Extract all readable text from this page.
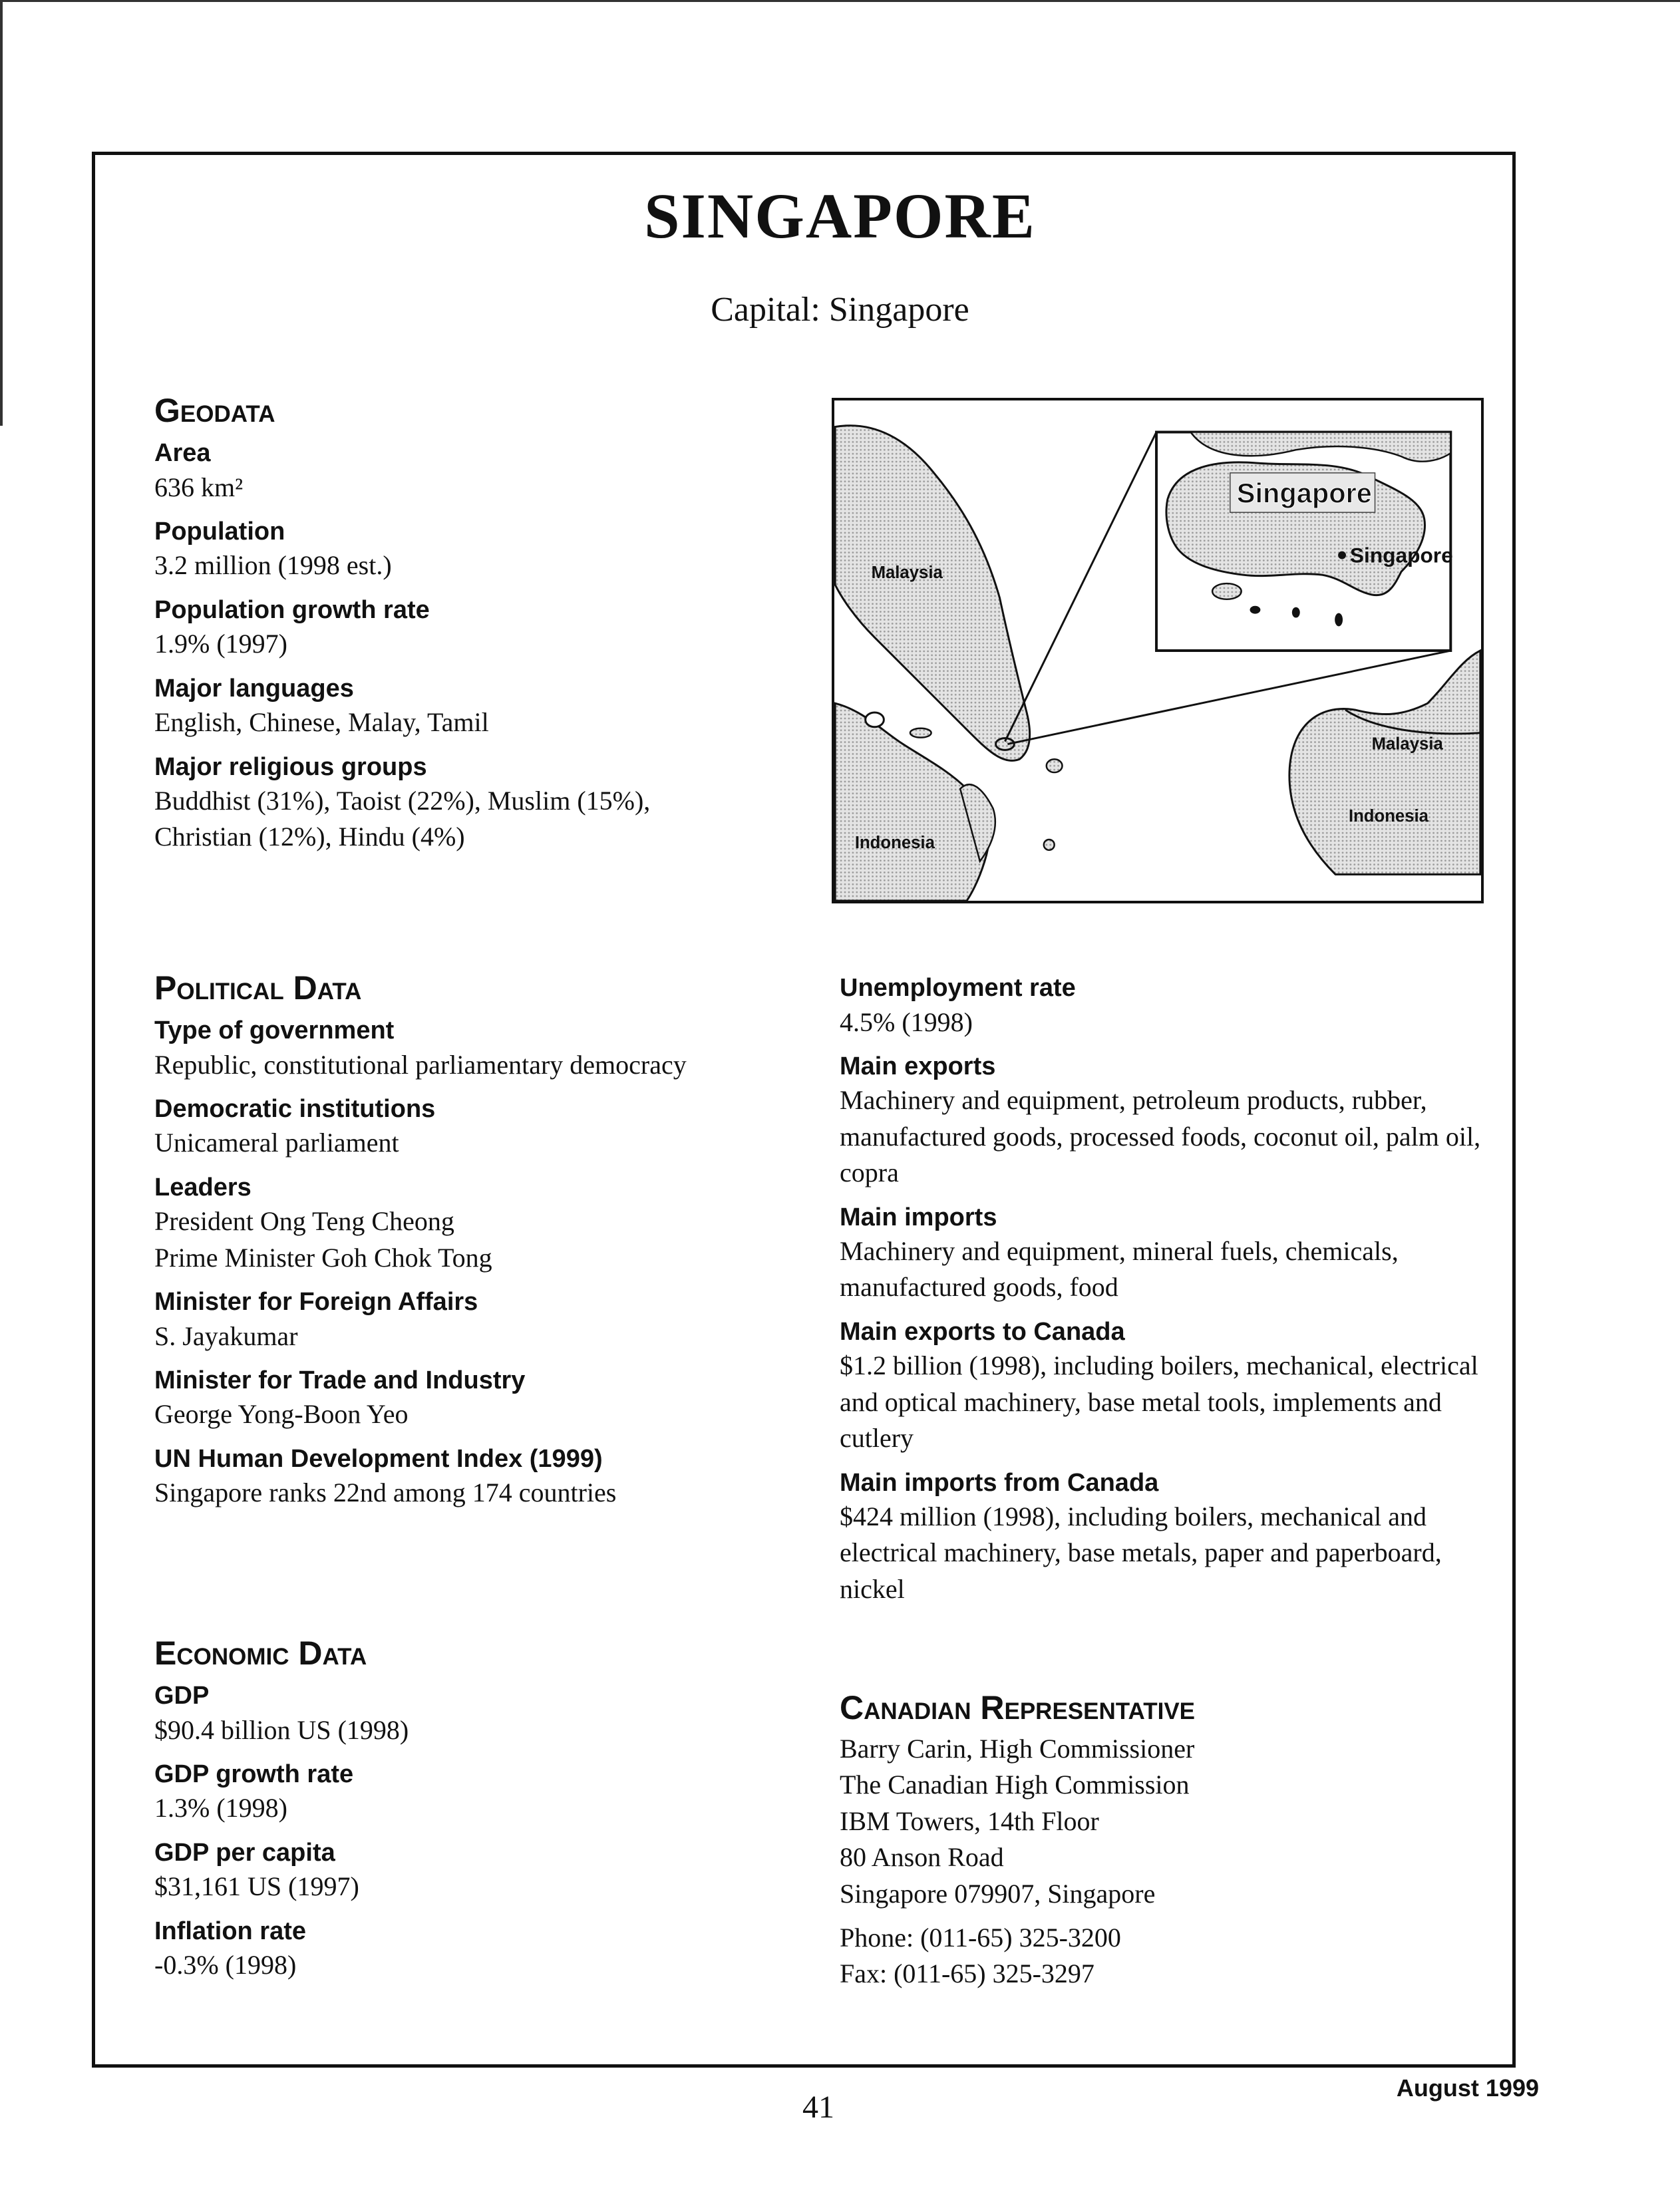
SINGAPORE
Capital: Singapore
Geodata
Area
636 km²
Population
3.2 million (1998 est.)
Population growth rate
1.9% (1997)
Major languages
English, Chinese, Malay, Tamil
Major religious groups
Buddhist (31%), Taoist (22%), Muslim (15%), Christian (12%), Hindu (4%)
Singapore
Singapore
Malaysia
Indonesia
Malaysia
Indonesia
Political Data
Type of government
Republic, constitutional parliamentary democracy
Democratic institutions
Unicameral parliament
Leaders
President Ong Teng Cheong
Prime Minister Goh Chok Tong
Minister for Foreign Affairs
S. Jayakumar
Minister for Trade and Industry
George Yong-Boon Yeo
UN Human Development Index (1999)
Singapore ranks 22nd among 174 countries
Economic Data
GDP
$90.4 billion US (1998)
GDP growth rate
1.3% (1998)
GDP per capita
$31,161 US (1997)
Inflation rate
-0.3% (1998)
Unemployment rate
4.5% (1998)
Main exports
Machinery and equipment, petroleum products, rubber, manufactured goods, processed foods, coconut oil, palm oil, copra
Main imports
Machinery and equipment, mineral fuels, chemicals, manufactured goods, food
Main exports to Canada
$1.2 billion (1998), including boilers, mechanical, electrical and optical machinery, base metal tools, implements and cutlery
Main imports from Canada
$424 million (1998), including boilers, mechanical and electrical machinery, base metals, paper and paperboard, nickel
Canadian Representative
Barry Carin, High Commissioner
The Canadian High Commission
IBM Towers, 14th Floor
80 Anson Road
Singapore 079907, Singapore
Phone: (011-65) 325-3200
Fax: (011-65) 325-3297
41
August 1999
